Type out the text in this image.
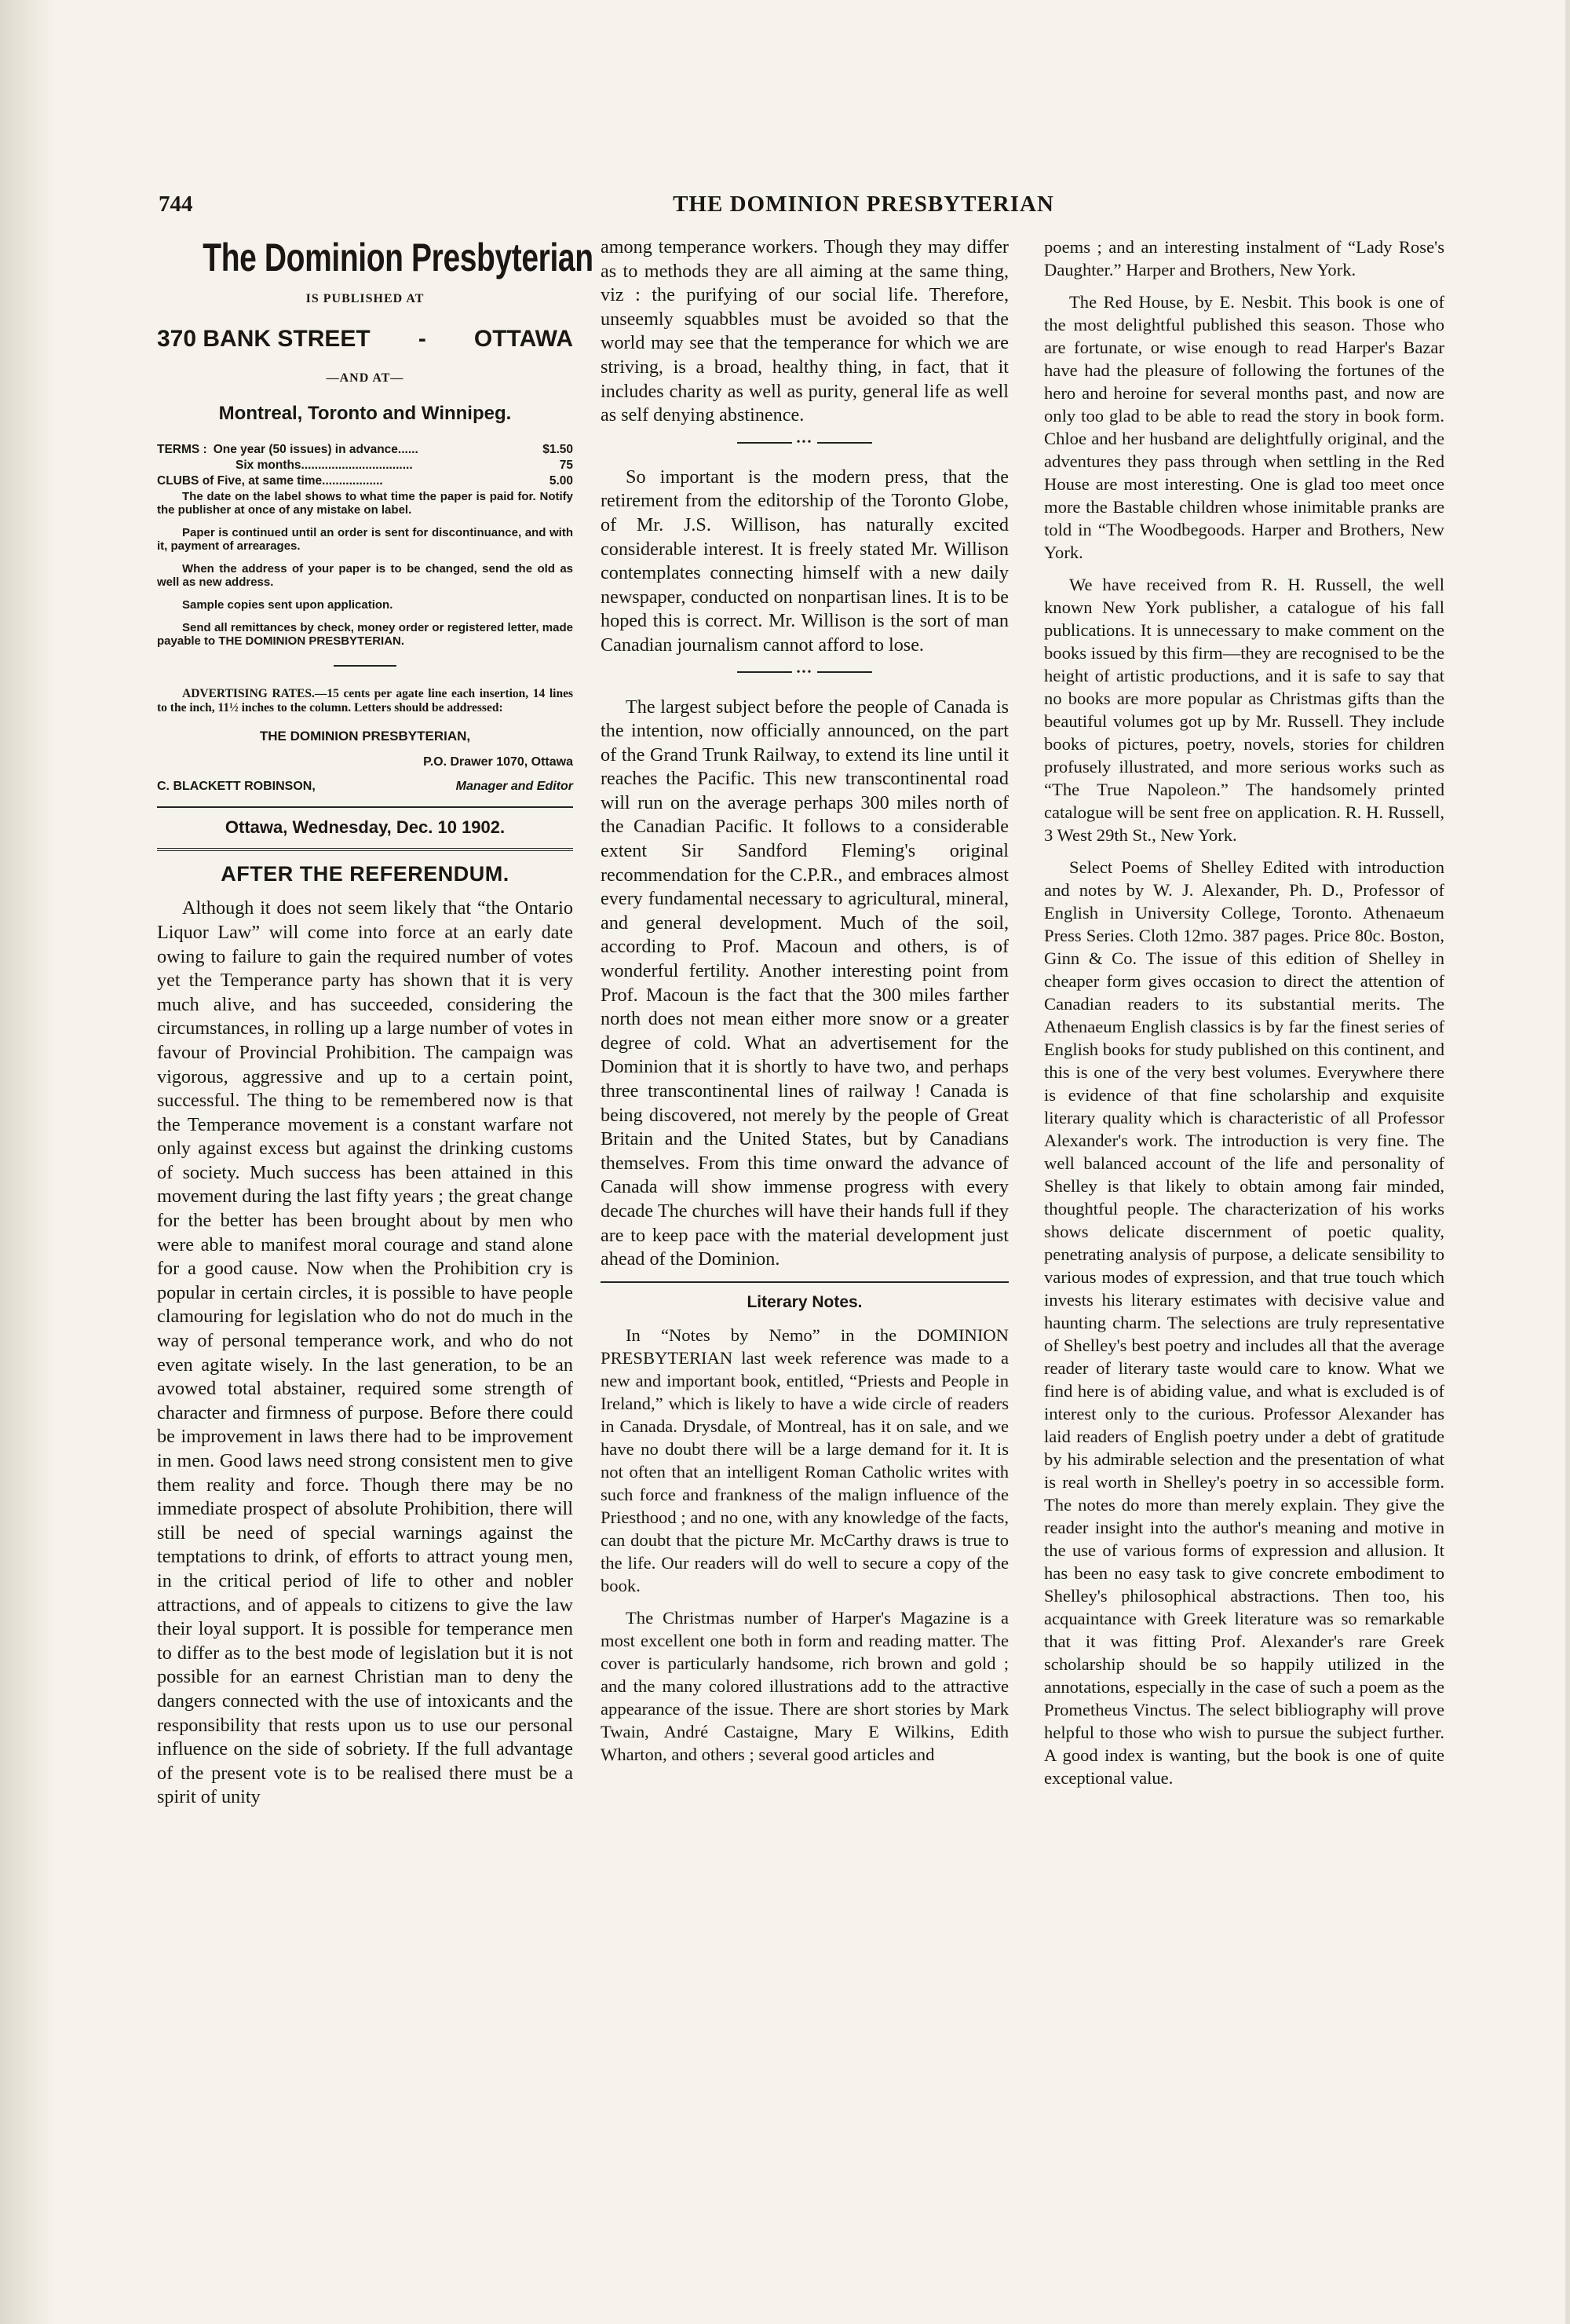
744	THE DOMINION PRESBYTERIAN
The Dominion Presbyterian
IS PUBLISHED AT
370 BANK STREET - OTTAWA
—AND AT—
Montreal, Toronto and Winnipeg.
TERMS : One year (50 issues) in advance......	$1.50
Six months.................................	75
CLUBS of Five, at same time..................	5.00

The date on the label shows to what time the paper is paid for. Notify the publisher at once of any mistake on label.

Paper is continued until an order is sent for discontinuance, and with it, payment of arrearages.

When the address of your paper is to be changed, send the old as well as new address.

Sample copies sent upon application.

Send all remittances by check, money order or registered letter, made payable to THE DOMINION PRESBYTERIAN.

ADVERTISING RATES.—15 cents per agate line each insertion, 14 lines to the inch, 11½ inches to the column. Letters should be addressed:

THE DOMINION PRESBYTERIAN,
P.O. Drawer 1070, Ottawa
C. BLACKETT ROBINSON,	Manager and Editor
Ottawa, Wednesday, Dec. 10 1902.
AFTER THE REFERENDUM.

Although it does not seem likely that “the Ontario Liquor Law” will come into force at an early date owing to failure to gain the required number of votes yet the Temperance party has shown that it is very much alive, and has succeeded, considering the circumstances, in rolling up a large number of votes in favour of Provincial Prohibition. The campaign was vigorous, aggressive and up to a certain point, successful. The thing to be remembered now is that the Temperance movement is a constant warfare not only against excess but against the drinking customs of society. Much success has been attained in this movement during the last fifty years ; the great change for the better has been brought about by men who were able to manifest moral courage and stand alone for a good cause. Now when the Prohibition cry is popular in certain circles, it is possible to have people clamouring for legislation who do not do much in the way of personal temperance work, and who do not even agitate wisely. In the last generation, to be an avowed total abstainer, required some strength of character and firmness of purpose. Before there could be improvement in laws there had to be improvement in men. Good laws need strong consistent men to give them reality and force. Though there may be no immediate prospect of absolute Prohibition, there will still be need of special warnings against the temptations to drink, of efforts to attract young men, in the critical period of life to other and nobler attractions, and of appeals to citizens to give the law their loyal support. It is possible for temperance men to differ as to the best mode of legislation but it is not possible for an earnest Christian man to deny the dangers connected with the use of intoxicants and the responsibility that rests upon us to use our personal influence on the side of sobriety. If the full advantage of the present vote is to be realised there must be a spirit of unity

among temperance workers. Though they may differ as to methods they are all aiming at the same thing, viz : the purifying of our social life. Therefore, unseemly squabbles must be avoided so that the world may see that the temperance for which we are striving, is a broad, healthy thing, in fact, that it includes charity as well as purity, general life as well as self denying abstinence.

•••

So important is the modern press, that the retirement from the editorship of the Toronto Globe, of Mr. J.S. Willison, has naturally excited considerable interest. It is freely stated Mr. Willison contemplates connecting himself with a new daily newspaper, conducted on nonpartisan lines. It is to be hoped this is correct. Mr. Willison is the sort of man Canadian journalism cannot afford to lose.

•••

The largest subject before the people of Canada is the intention, now officially announced, on the part of the Grand Trunk Railway, to extend its line until it reaches the Pacific. This new transcontinental road will run on the average perhaps 300 miles north of the Canadian Pacific. It follows to a considerable extent Sir Sandford Fleming's original recommendation for the C.P.R., and embraces almost every fundamental necessary to agricultural, mineral, and general development. Much of the soil, according to Prof. Macoun and others, is of wonderful fertility. Another interesting point from Prof. Macoun is the fact that the 300 miles farther north does not mean either more snow or a greater degree of cold. What an advertisement for the Dominion that it is shortly to have two, and perhaps three transcontinental lines of railway ! Canada is being discovered, not merely by the people of Great Britain and the United States, but by Canadians themselves. From this time onward the advance of Canada will show immense progress with every decade The churches will have their hands full if they are to keep pace with the material development just ahead of the Dominion.

Literary Notes.

In “Notes by Nemo” in the DOMINION PRESBYTERIAN last week reference was made to a new and important book, entitled, “Priests and People in Ireland,” which is likely to have a wide circle of readers in Canada. Drysdale, of Montreal, has it on sale, and we have no doubt there will be a large demand for it. It is not often that an intelligent Roman Catholic writes with such force and frankness of the malign influence of the Priesthood ; and no one, with any knowledge of the facts, can doubt that the picture Mr. McCarthy draws is true to the life. Our readers will do well to secure a copy of the book.

The Christmas number of Harper's Magazine is a most excellent one both in form and reading matter. The cover is particularly handsome, rich brown and gold ; and the many colored illustrations add to the attractive appearance of the issue. There are short stories by Mark Twain, André Castaigne, Mary E Wilkins, Edith Wharton, and others ; several good articles and

poems ; and an interesting instalment of “Lady Rose's Daughter.” Harper and Brothers, New York.

The Red House, by E. Nesbit. This book is one of the most delightful published this season. Those who are fortunate, or wise enough to read Harper's Bazar have had the pleasure of following the fortunes of the hero and heroine for several months past, and now are only too glad to be able to read the story in book form. Chloe and her husband are delightfully original, and the adventures they pass through when settling in the Red House are most interesting. One is glad too meet once more the Bastable children whose inimitable pranks are told in “The Woodbegoods. Harper and Brothers, New York.

We have received from R. H. Russell, the well known New York publisher, a catalogue of his fall publications. It is unnecessary to make comment on the books issued by this firm—they are recognised to be the height of artistic productions, and it is safe to say that no books are more popular as Christmas gifts than the beautiful volumes got up by Mr. Russell. They include books of pictures, poetry, novels, stories for children profusely illustrated, and more serious works such as “The True Napoleon.” The handsomely printed catalogue will be sent free on application. R. H. Russell, 3 West 29th St., New York.

Select Poems of Shelley Edited with introduction and notes by W. J. Alexander, Ph. D., Professor of English in University College, Toronto. Athenaeum Press Series. Cloth 12mo. 387 pages. Price 80c. Boston, Ginn & Co. The issue of this edition of Shelley in cheaper form gives occasion to direct the attention of Canadian readers to its substantial merits. The Athenaeum English classics is by far the finest series of English books for study published on this continent, and this is one of the very best volumes. Everywhere there is evidence of that fine scholarship and exquisite literary quality which is characteristic of all Professor Alexander's work. The introduction is very fine. The well balanced account of the life and personality of Shelley is that likely to obtain among fair minded, thoughtful people. The characterization of his works shows delicate discernment of poetic quality, penetrating analysis of purpose, a delicate sensibility to various modes of expression, and that true touch which invests his literary estimates with decisive value and haunting charm. The selections are truly representative of Shelley's best poetry and includes all that the average reader of literary taste would care to know. What we find here is of abiding value, and what is excluded is of interest only to the curious. Professor Alexander has laid readers of English poetry under a debt of gratitude by his admirable selection and the presentation of what is real worth in Shelley's poetry in so accessible form. The notes do more than merely explain. They give the reader insight into the author's meaning and motive in the use of various forms of expression and allusion. It has been no easy task to give concrete embodiment to Shelley's philosophical abstractions. Then too, his acquaintance with Greek literature was so remarkable that it was fitting Prof. Alexander's rare Greek scholarship should be so happily utilized in the annotations, especially in the case of such a poem as the Prometheus Vinctus. The select bibliography will prove helpful to those who wish to pursue the subject further. A good index is wanting, but the book is one of quite exceptional value.
